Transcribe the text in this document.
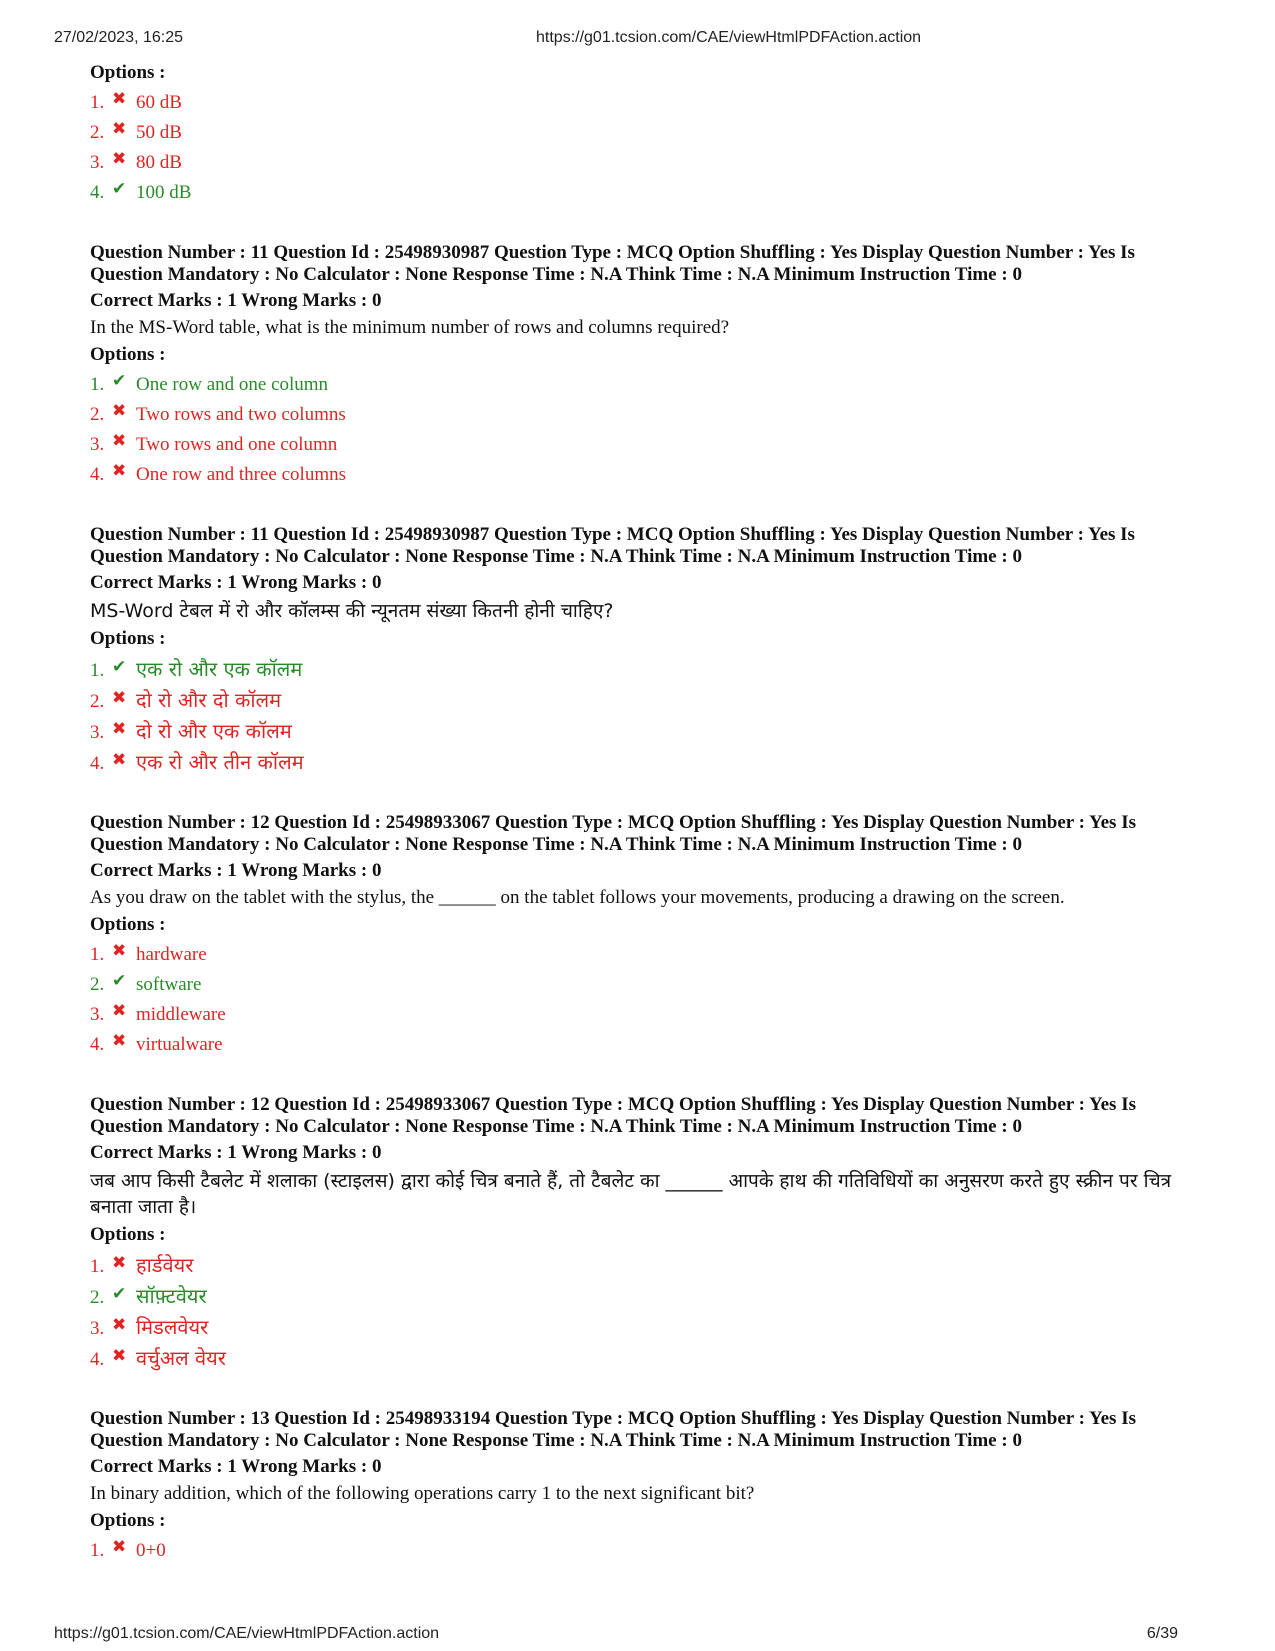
27/02/2023, 16:25	https://g01.tcsion.com/CAE/viewHtmlPDFAction.action
Options :
1. ✖ 60 dB
2. ✖ 50 dB
3. ✖ 80 dB
4. ✔ 100 dB
Question Number : 11 Question Id : 25498930987 Question Type : MCQ Option Shuffling : Yes Display Question Number : Yes Is
Question Mandatory : No Calculator : None Response Time : N.A Think Time : N.A Minimum Instruction Time : 0
Correct Marks : 1 Wrong Marks : 0
In the MS-Word table, what is the minimum number of rows and columns required?
Options :
1. ✔ One row and one column
2. ✖ Two rows and two columns
3. ✖ Two rows and one column
4. ✖ One row and three columns
Question Number : 11 Question Id : 25498930987 Question Type : MCQ Option Shuffling : Yes Display Question Number : Yes Is
Question Mandatory : No Calculator : None Response Time : N.A Think Time : N.A Minimum Instruction Time : 0
Correct Marks : 1 Wrong Marks : 0
MS-Word टेबल में रो और कॉलम्स की न्यूनतम संख्या कितनी होनी चाहिए?
Options :
1. ✔ एक रो और एक कॉलम
2. ✖ दो रो और दो कॉलम
3. ✖ दो रो और एक कॉलम
4. ✖ एक रो और तीन कॉलम
Question Number : 12 Question Id : 25498933067 Question Type : MCQ Option Shuffling : Yes Display Question Number : Yes Is
Question Mandatory : No Calculator : None Response Time : N.A Think Time : N.A Minimum Instruction Time : 0
Correct Marks : 1 Wrong Marks : 0
As you draw on the tablet with the stylus, the ______ on the tablet follows your movements, producing a drawing on the screen.
Options :
1. ✖ hardware
2. ✔ software
3. ✖ middleware
4. ✖ virtualware
Question Number : 12 Question Id : 25498933067 Question Type : MCQ Option Shuffling : Yes Display Question Number : Yes Is
Question Mandatory : No Calculator : None Response Time : N.A Think Time : N.A Minimum Instruction Time : 0
Correct Marks : 1 Wrong Marks : 0
जब आप किसी टैबलेट में शलाका (स्टाइलस) द्वारा कोई चित्र बनाते हैं, तो टैबलेट का ______ आपके हाथ की गतिविधियों का अनुसरण करते हुए स्क्रीन पर चित्र बनाता जाता है।
Options :
1. ✖ हार्डवेयर
2. ✔ सॉफ़्टवेयर
3. ✖ मिडलवेयर
4. ✖ वर्चुअल वेयर
Question Number : 13 Question Id : 25498933194 Question Type : MCQ Option Shuffling : Yes Display Question Number : Yes Is
Question Mandatory : No Calculator : None Response Time : N.A Think Time : N.A Minimum Instruction Time : 0
Correct Marks : 1 Wrong Marks : 0
In binary addition, which of the following operations carry 1 to the next significant bit?
Options :
1. ✖ 0+0
https://g01.tcsion.com/CAE/viewHtmlPDFAction.action	6/39
